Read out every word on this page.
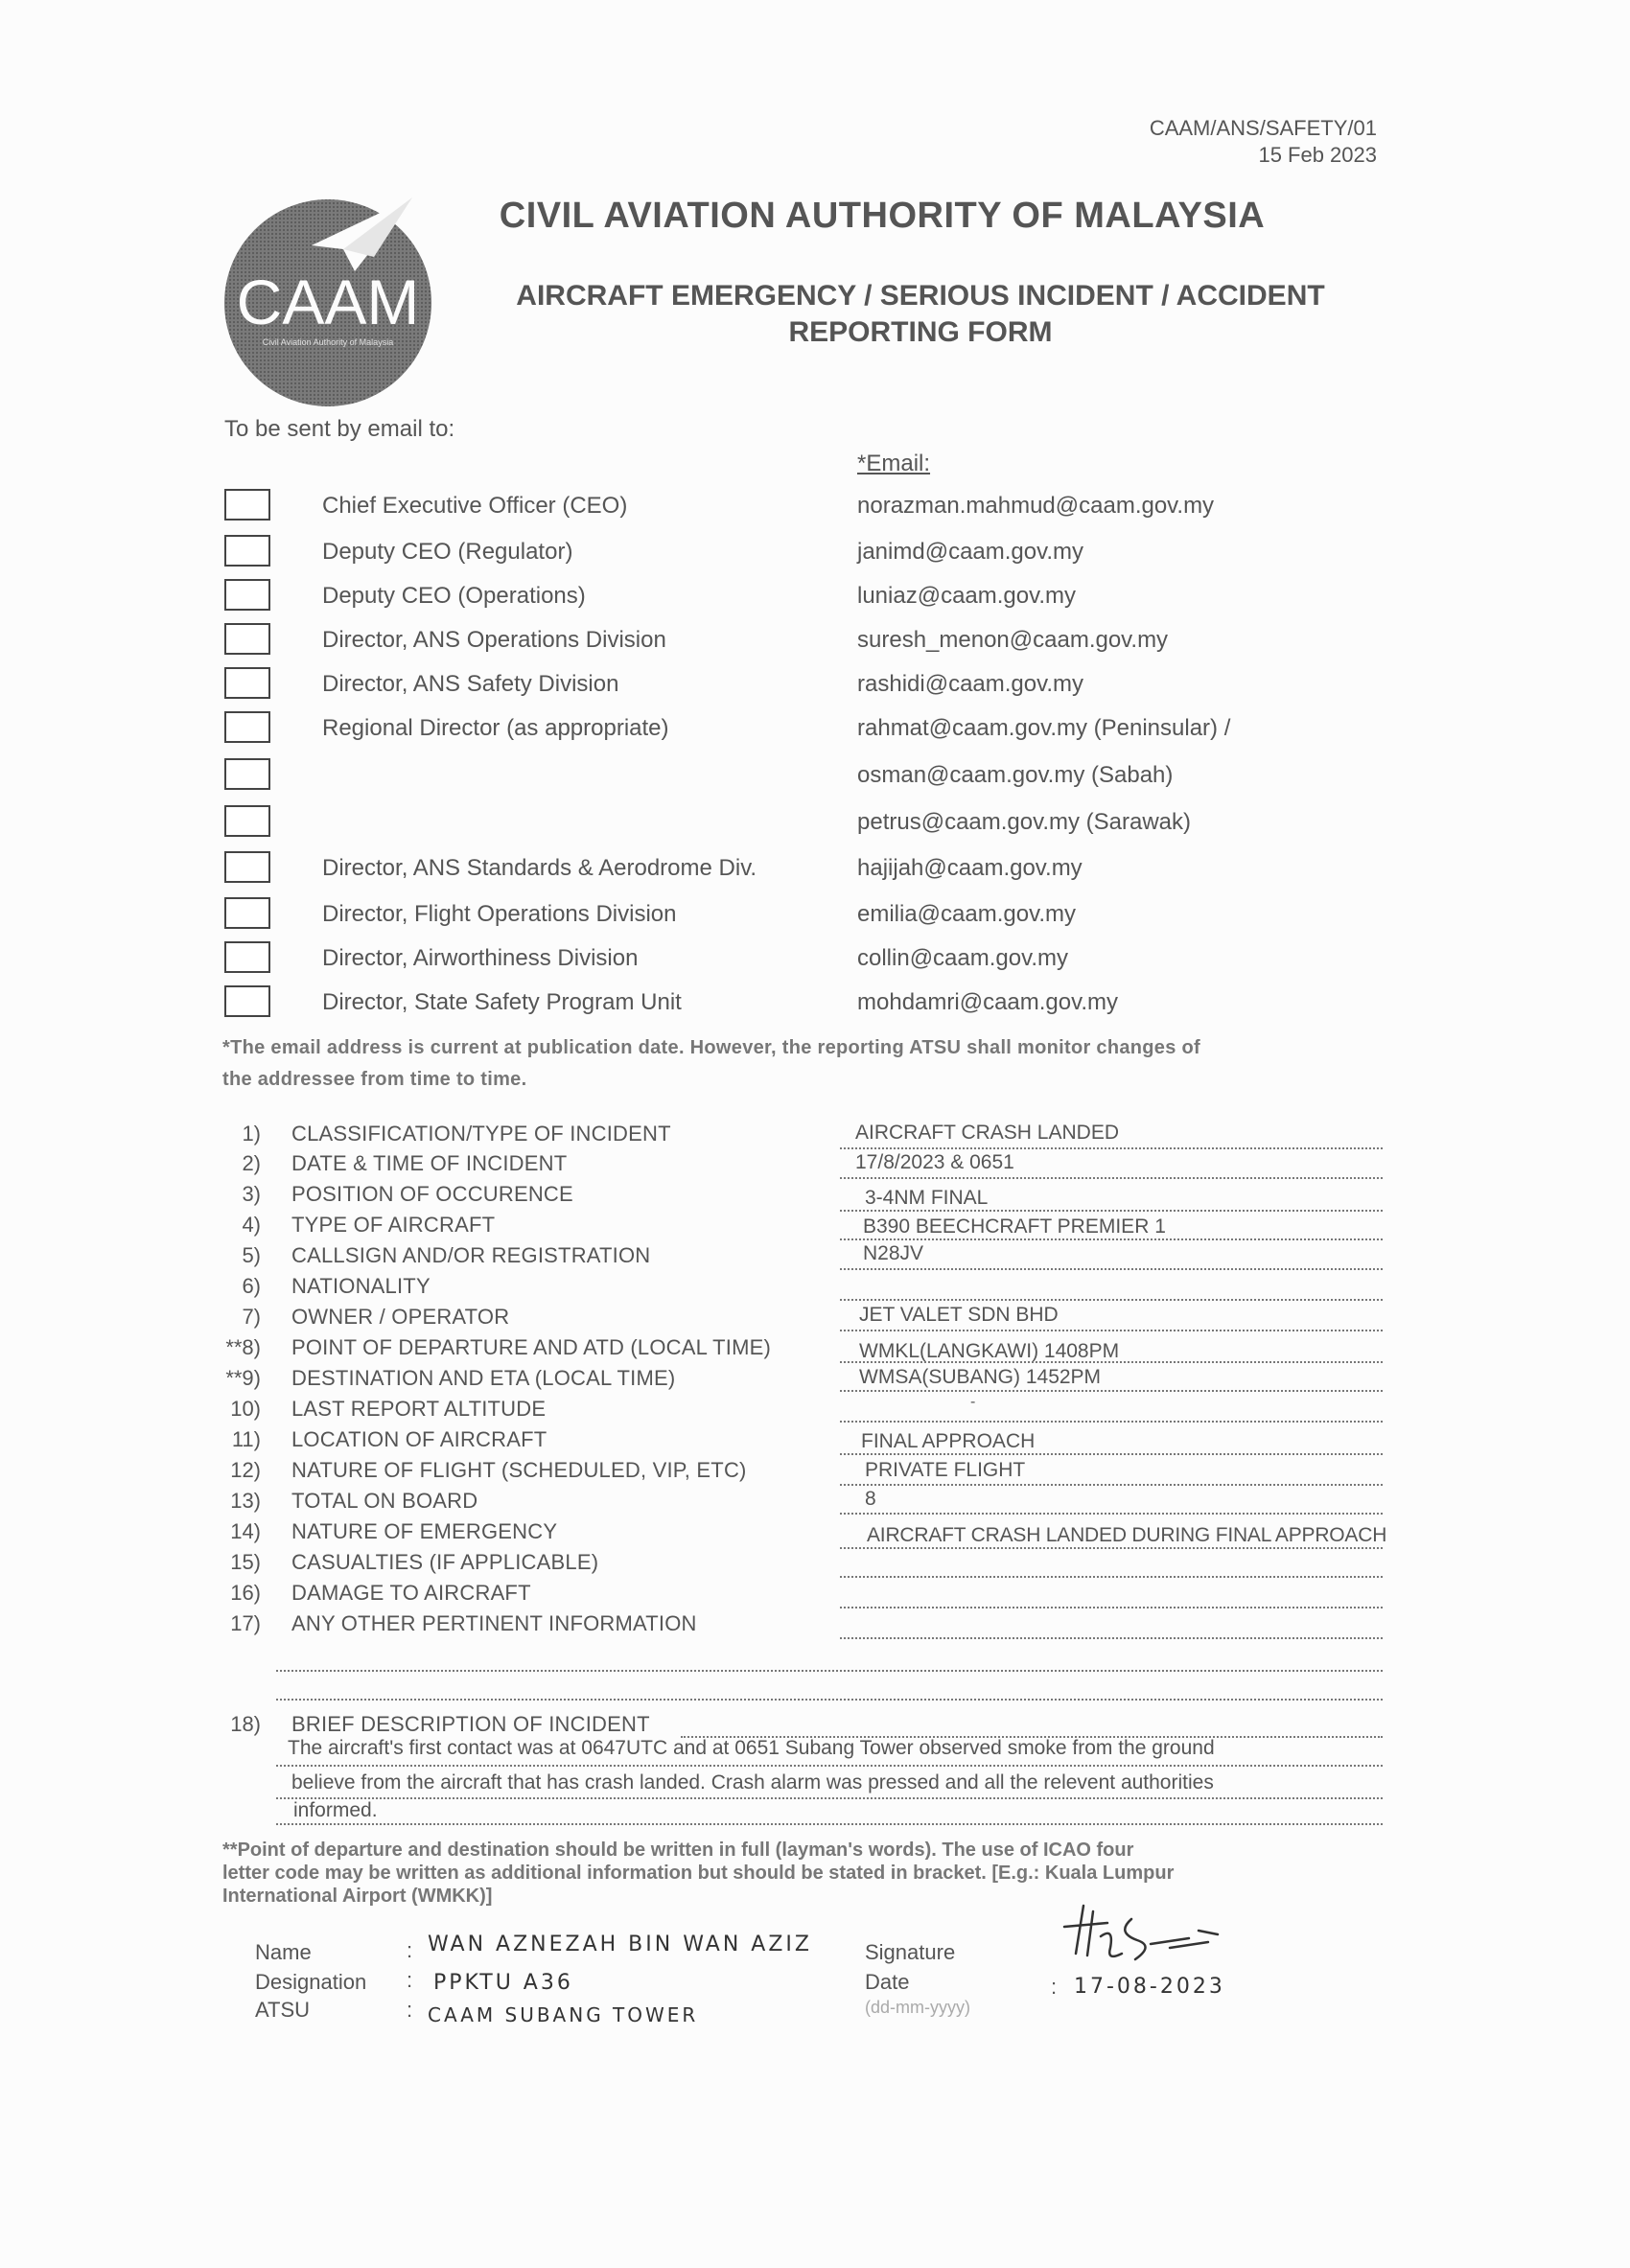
CAAM/ANS/SAFETY/01
15 Feb 2023
CAAM
Civil Aviation Authority of Malaysia
CIVIL AVIATION AUTHORITY OF MALAYSIA
AIRCRAFT EMERGENCY / SERIOUS INCIDENT / ACCIDENT
REPORTING FORM
To be sent by email to:
*Email:
Chief Executive Officer (CEO)	norazman.mahmud@caam.gov.my
Deputy CEO (Regulator)	janimd@caam.gov.my
Deputy CEO (Operations)	luniaz@caam.gov.my
Director, ANS Operations Division	suresh_menon@caam.gov.my
Director, ANS Safety Division	rashidi@caam.gov.my
Regional Director (as appropriate)	rahmat@caam.gov.my (Peninsular) /
osman@caam.gov.my (Sabah)
petrus@caam.gov.my (Sarawak)
Director, ANS Standards & Aerodrome Div.	hajijah@caam.gov.my
Director, Flight Operations Division	emilia@caam.gov.my
Director, Airworthiness Division	collin@caam.gov.my
Director, State Safety Program Unit	mohdamri@caam.gov.my
*The email address is current at publication date. However, the reporting ATSU shall monitor changes of
the addressee from time to time.
1) CLASSIFICATION/TYPE OF INCIDENT	AIRCRAFT CRASH LANDED
2) DATE & TIME OF INCIDENT	17/8/2023 & 0651
3) POSITION OF OCCURENCE	3-4NM FINAL
4) TYPE OF AIRCRAFT	B390 BEECHCRAFT PREMIER 1
5) CALLSIGN AND/OR REGISTRATION	N28JV
6) NATIONALITY
7) OWNER / OPERATOR	JET VALET SDN BHD
**8) POINT OF DEPARTURE AND ATD (LOCAL TIME)	WMKL(LANGKAWI) 1408PM
**9) DESTINATION AND ETA (LOCAL TIME)	WMSA(SUBANG) 1452PM
10) LAST REPORT ALTITUDE	-
11) LOCATION OF AIRCRAFT	FINAL APPROACH
12) NATURE OF FLIGHT (SCHEDULED, VIP, ETC)	PRIVATE FLIGHT
13) TOTAL ON BOARD	8
14) NATURE OF EMERGENCY	AIRCRAFT CRASH LANDED DURING FINAL APPROACH
15) CASUALTIES (IF APPLICABLE)
16) DAMAGE TO AIRCRAFT
17) ANY OTHER PERTINENT INFORMATION
18) BRIEF DESCRIPTION OF INCIDENT
The aircraft's first contact was at 0647UTC and at 0651 Subang Tower observed smoke from the ground
believe from the aircraft that has crash landed. Crash alarm was pressed and all the relevent authorities
informed.
**Point of departure and destination should be written in full (layman's words). The use of ICAO four
letter code may be written as additional information but should be stated in bracket. [E.g.: Kuala Lumpur
International Airport (WMKK)]
Name	: WAN AZNEZAH BIN WAN AZIZ
Designation : PPKTU A36
ATSU	: CAAM SUBANG TOWER
Signature
Date
(dd-mm-yyyy)
: 17-08-2023
